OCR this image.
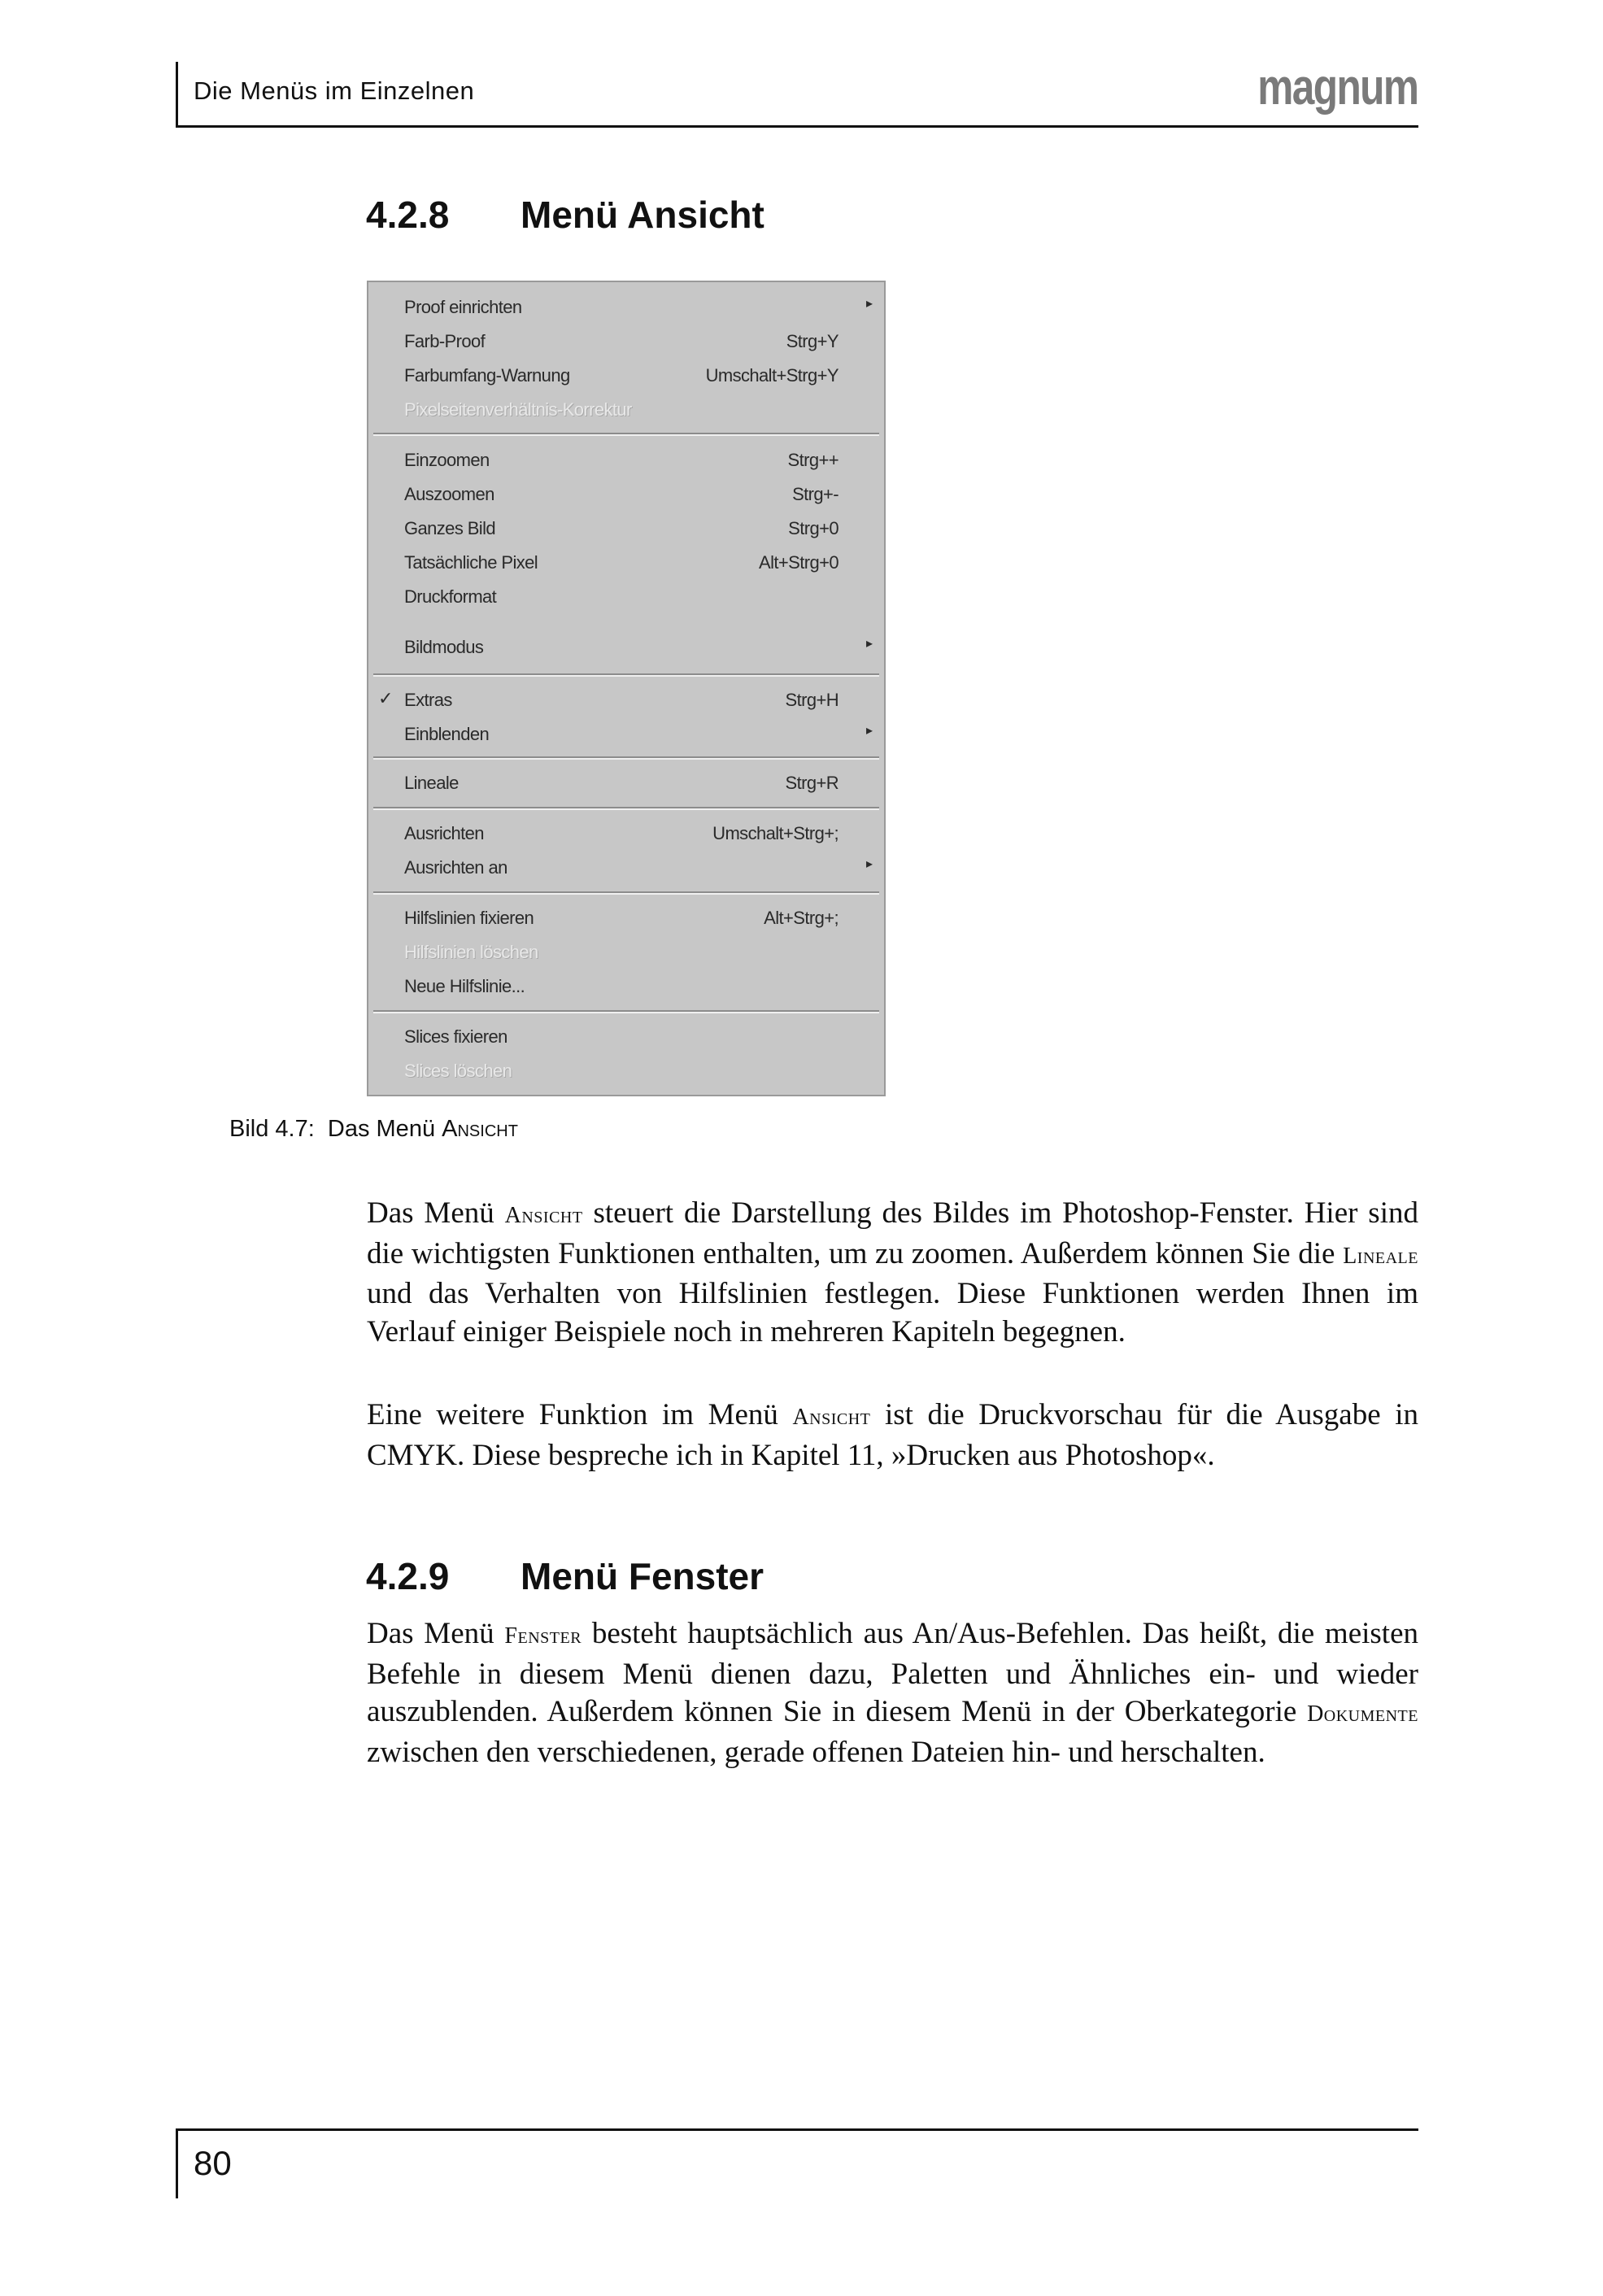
Die Menüs im Einzelnen	magnum
4.2.8 Menü Ansicht
Proof einrichten	▸
Farb-Proof	Strg+Y
Farbumfang-Warnung	Umschalt+Strg+Y
Pixelseitenverhältnis-Korrektur
Einzoomen	Strg++
Auszoomen	Strg+-
Ganzes Bild	Strg+0
Tatsächliche Pixel	Alt+Strg+0
Druckformat
Bildmodus	▸
✓ Extras	Strg+H
Einblenden	▸
Lineale	Strg+R
Ausrichten	Umschalt+Strg+;
Ausrichten an	▸
Hilfslinien fixieren	Alt+Strg+;
Hilfslinien löschen
Neue Hilfslinie...
Slices fixieren
Slices löschen
Bild 4.7:  Das Menü Ansicht

Das Menü Ansicht steuert die Darstellung des Bildes im Photoshop-Fenster. Hier sind die wichtigsten Funktionen enthalten, um zu zoomen. Außerdem können Sie die Lineale und das Verhalten von Hilfslinien festlegen. Diese Funktionen werden Ihnen im Verlauf einiger Beispiele noch in mehreren Kapiteln begegnen.

Eine weitere Funktion im Menü Ansicht ist die Druckvorschau für die Ausgabe in CMYK. Diese bespreche ich in Kapitel 11, »Drucken aus Photoshop«.

4.2.9 Menü Fenster

Das Menü Fenster besteht hauptsächlich aus An/Aus-Befehlen. Das heißt, die meisten Befehle in diesem Menü dienen dazu, Paletten und Ähnliches ein- und wieder auszublenden. Außerdem können Sie in diesem Menü in der Oberkategorie Dokumente zwischen den verschiedenen, gerade offenen Dateien hin- und herschalten.

80
